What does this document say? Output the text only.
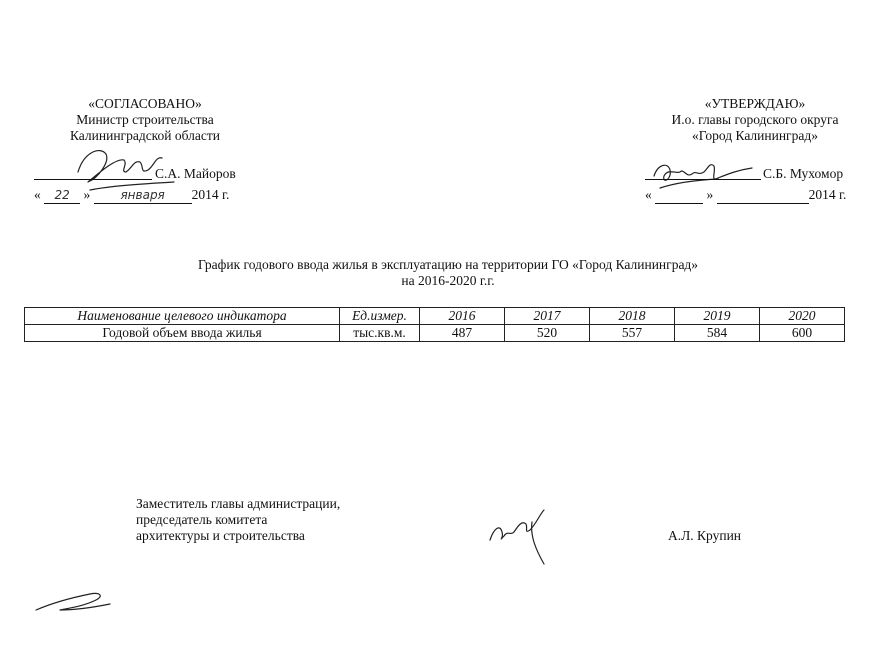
«СОГЛАСОВАНО»
Министр строительства
Калининградской области
С.А. Майоров
« 22 »	января 2014 г.
«УТВЕРЖДАЮ»
И.о. главы городского округа
«Город Калининград»
С.Б. Мухомор
«	»	2014 г.
График годового ввода жилья в эксплуатацию на территории ГО «Город Калининград»
на 2016-2020 г.г.
Наименование целевого индикатора	Ед.измер.	2016	2017	2018	2019	2020
Годовой объем ввода жилья	тыс.кв.м.	487	520	557	584	600
Заместитель главы администрации,
председатель комитета
архитектуры и строительства	А.Л. Крупин
